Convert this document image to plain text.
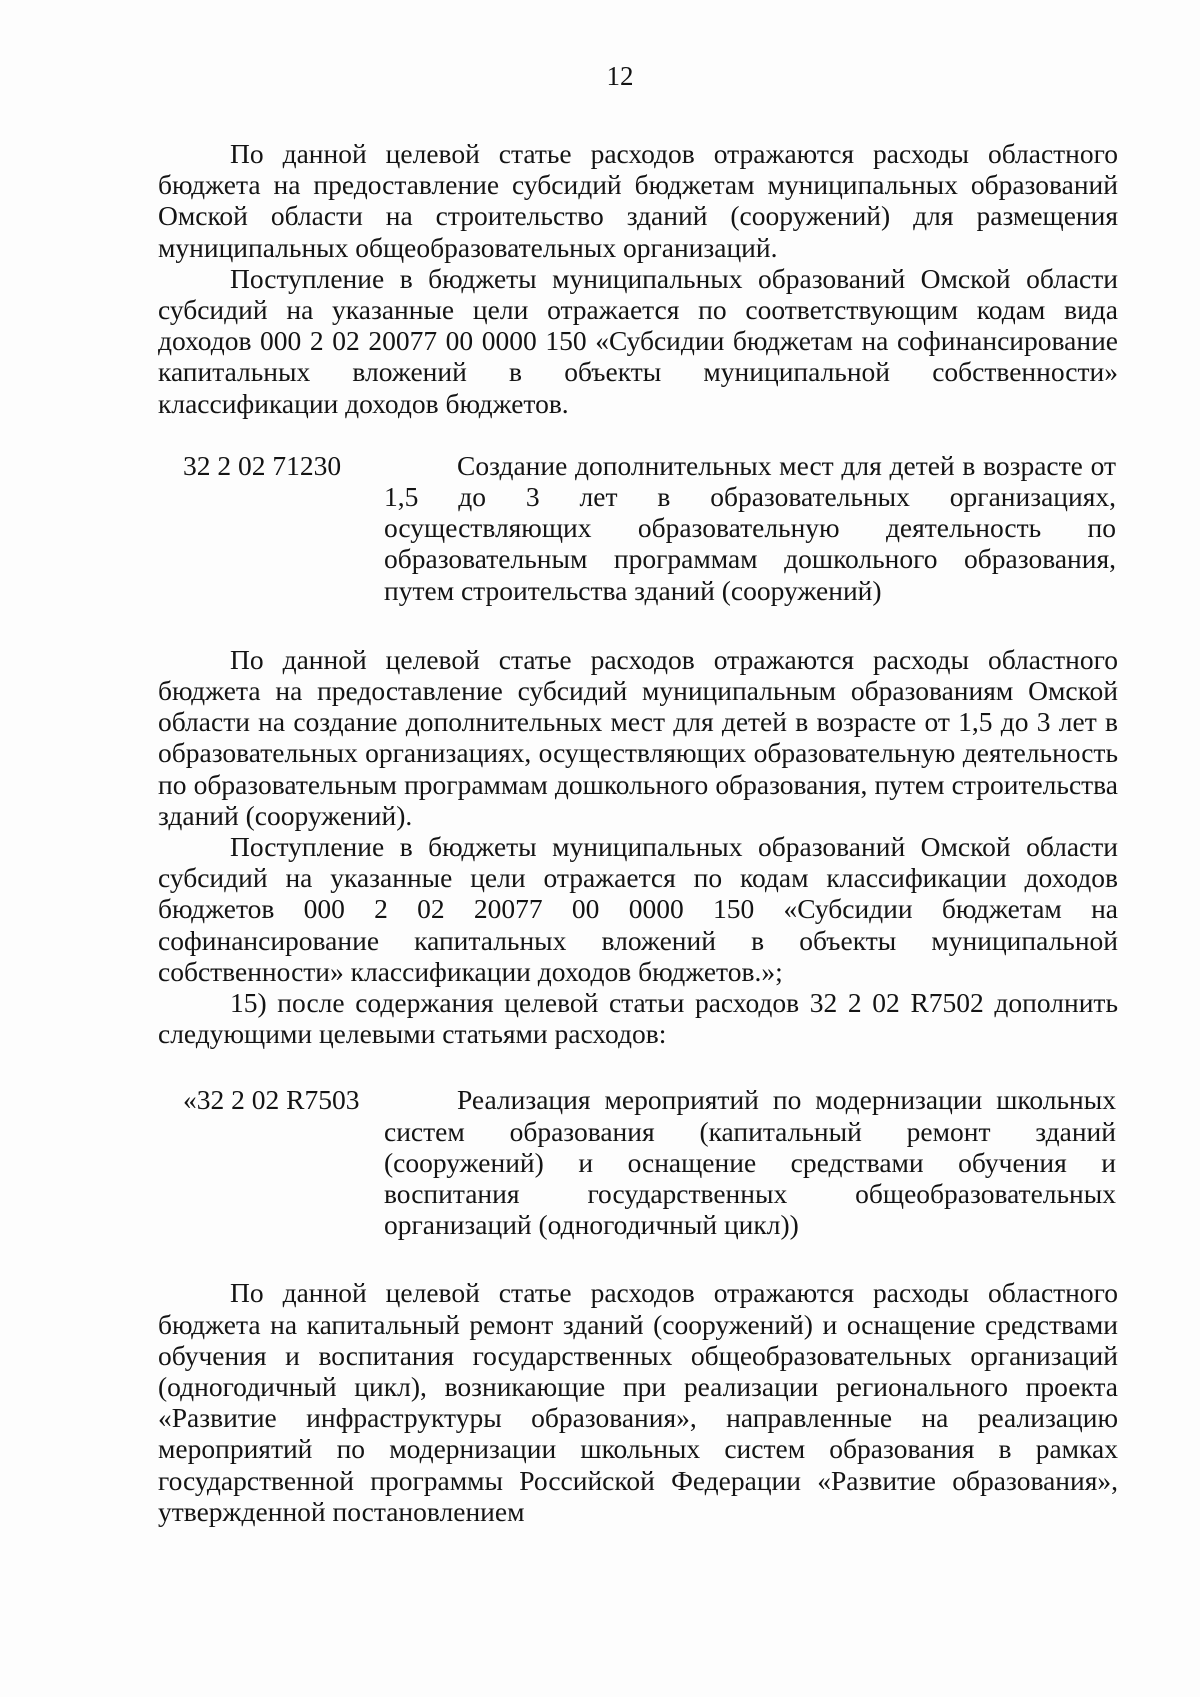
12

По данной целевой статье расходов отражаются расходы областного бюджета на предоставление субсидий бюджетам муниципальных образований Омской области на строительство зданий (сооружений) для размещения муниципальных общеобразовательных организаций.

Поступление в бюджеты муниципальных образований Омской области субсидий на указанные цели отражается по соответствующим кодам вида доходов 000 2 02 20077 00 0000 150 «Субсидии бюджетам на софинансирование капитальных вложений в объекты муниципальной собственности» классификации доходов бюджетов.

32 2 02 71230	Создание дополнительных мест для детей в возрасте от 1,5 до 3 лет в образовательных организациях, осуществляющих образовательную деятельность по образовательным программам дошкольного образования, путем строительства зданий (сооружений)

По данной целевой статье расходов отражаются расходы областного бюджета на предоставление субсидий муниципальным образованиям Омской области на создание дополнительных мест для детей в возрасте от 1,5 до 3 лет в образовательных организациях, осуществляющих образовательную деятельность по образовательным программам дошкольного образования, путем строительства зданий (сооружений).

Поступление в бюджеты муниципальных образований Омской области субсидий на указанные цели отражается по кодам классификации доходов бюджетов 000 2 02 20077 00 0000 150 «Субсидии бюджетам на софинансирование капитальных вложений в объекты муниципальной собственности» классификации доходов бюджетов.»;

15) после содержания целевой статьи расходов 32 2 02 R7502 дополнить следующими целевыми статьями расходов:

«32 2 02 R7503	Реализация мероприятий по модернизации школьных систем образования (капитальный ремонт зданий (сооружений) и оснащение средствами обучения и воспитания государственных общеобразовательных организаций (одногодичный цикл))

По данной целевой статье расходов отражаются расходы областного бюджета на капитальный ремонт зданий (сооружений) и оснащение средствами обучения и воспитания государственных общеобразовательных организаций (одногодичный цикл), возникающие при реализации регионального проекта «Развитие инфраструктуры образования», направленные на реализацию мероприятий по модернизации школьных систем образования в рамках государственной программы Российской Федерации «Развитие образования», утвержденной постановлением
